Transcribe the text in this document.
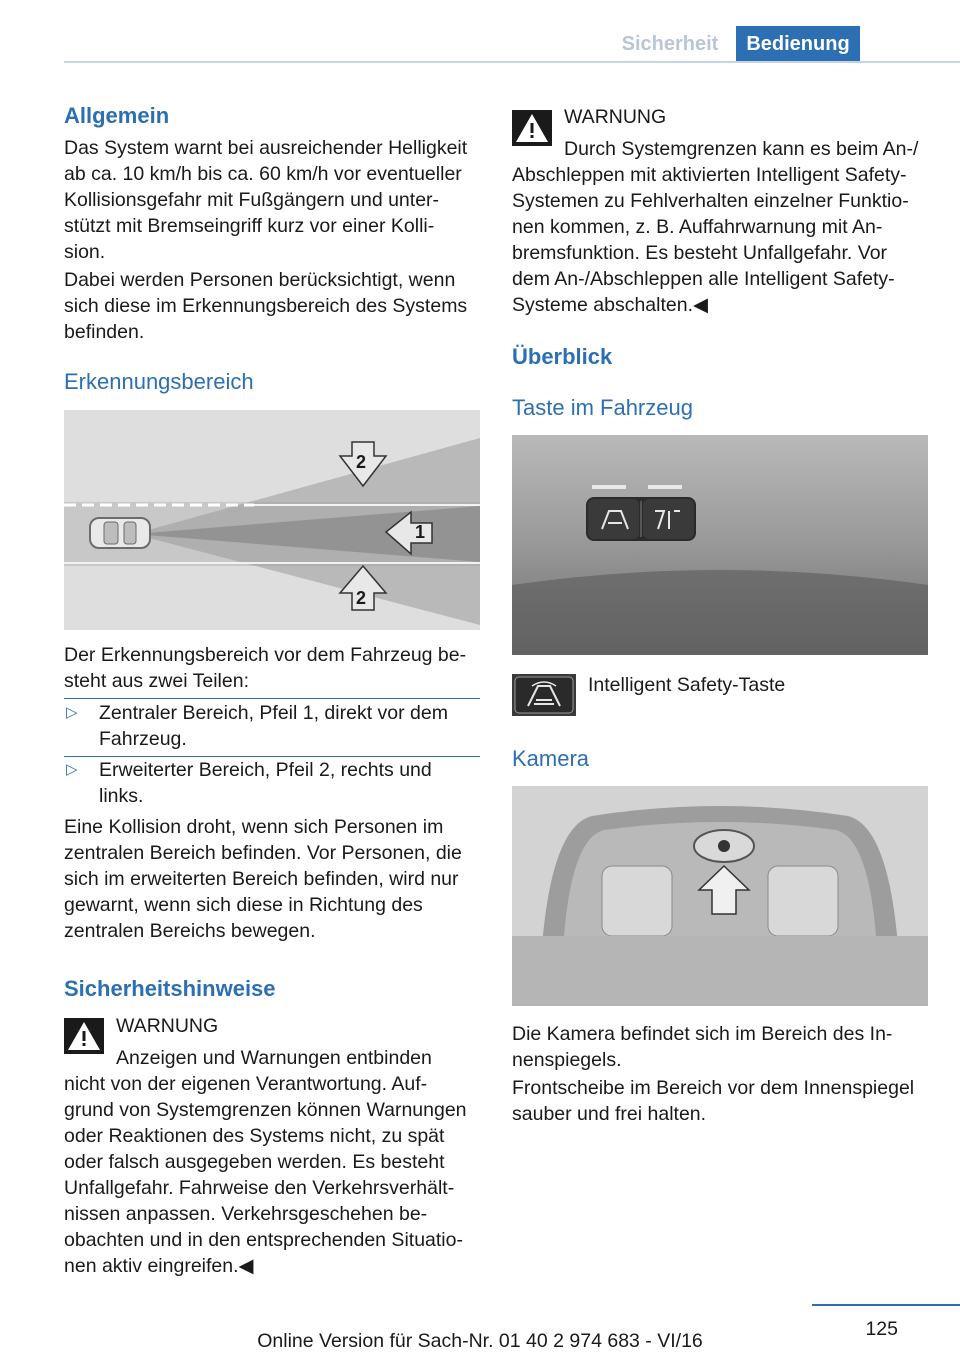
Sicherheit	Bedienung
Allgemein
Das System warnt bei ausreichender Helligkeit ab ca. 10 km/h bis ca. 60 km/h vor eventueller Kollisionsgefahr mit Fußgängern und unter‐ stützt mit Bremseingriff kurz vor einer Kolli‐ sion.
Dabei werden Personen berücksichtigt, wenn sich diese im Erkennungsbereich des Systems befinden.
Erkennungsbereich
2
1
2
Der Erkennungsbereich vor dem Fahrzeug be‐ steht aus zwei Teilen:
▷ Zentraler Bereich, Pfeil 1, direkt vor dem Fahrzeug.
▷ Erweiterter Bereich, Pfeil 2, rechts und links.
Eine Kollision droht, wenn sich Personen im zentralen Bereich befinden. Vor Personen, die sich im erweiterten Bereich befinden, wird nur gewarnt, wenn sich diese in Richtung des zentralen Bereichs bewegen.
Sicherheitshinweise
WARNUNG
Anzeigen und Warnungen entbinden
nicht von der eigenen Verantwortung. Auf‐ grund von Systemgrenzen können Warnungen oder Reaktionen des Systems nicht, zu spät oder falsch ausgegeben werden. Es besteht Unfallgefahr. Fahrweise den Verkehrsverhält‐ nissen anpassen. Verkehrsgeschehen be‐ obachten und in den entsprechenden Situatio‐ nen aktiv eingreifen.◀
WARNUNG
Durch Systemgrenzen kann es beim An-/
Abschleppen mit aktivierten Intelligent Safety- Systemen zu Fehlverhalten einzelner Funktio‐ nen kommen, z. B. Auffahrwarnung mit An‐ bremsfunktion. Es besteht Unfallgefahr. Vor dem An-/Abschleppen alle Intelligent Safety- Systeme abschalten.◀
Überblick
Taste im Fahrzeug
Intelligent Safety-Taste
Kamera
Die Kamera befindet sich im Bereich des In‐ nenspiegels.
Frontscheibe im Bereich vor dem Innenspiegel sauber und frei halten.
125
Online Version für Sach-Nr. 01 40 2 974 683 - VI/16
